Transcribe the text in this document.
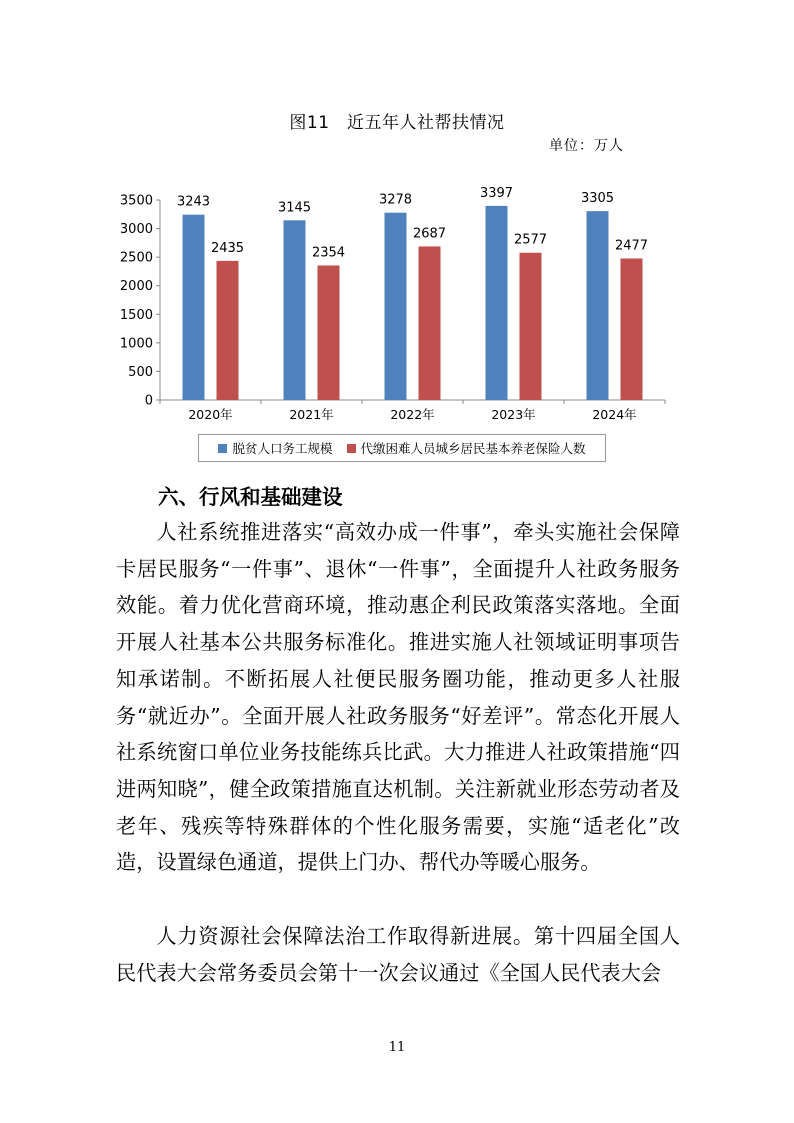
图11　近五年人社帮扶情况
单位：万人
0
500
1000
1500
2000
2500
3000
3500 3243
2435
2020年
3145
2354
2021年
3278
2687
2022年
3397
2577
2023年
3305
2477
2024年
脱贫人口务工规模 代缴困难人员城乡居民基本养老保险人数
六、行风和基础建设

人社系统推进落实“高效办成一件事”，牵头实施社会保障卡居民服务“一件事”、退休“一件事”，全面提升人社政务服务效能。着力优化营商环境，推动惠企利民政策落实落地。全面开展人社基本公共服务标准化。推进实施人社领域证明事项告知承诺制。不断拓展人社便民服务圈功能，推动更多人社服务“就近办”。全面开展人社政务服务“好差评”。常态化开展人社系统窗口单位业务技能练兵比武。大力推进人社政策措施“四进两知晓”，健全政策措施直达机制。关注新就业形态劳动者及老年、残疾等特殊群体的个性化服务需要，实施“适老化”改造，设置绿色通道，提供上门办、帮代办等暖心服务。

人力资源社会保障法治工作取得新进展。第十四届全国人民代表大会常务委员会第十一次会议通过《全国人民代表大会

11
